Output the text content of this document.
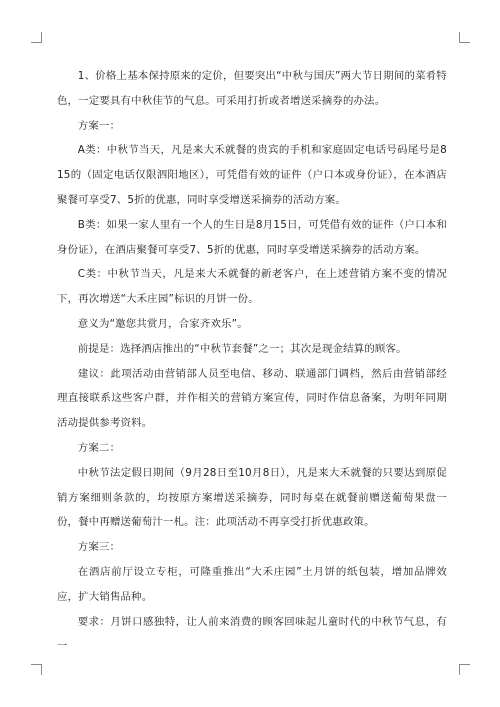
1、价格上基本保持原来的定价，但要突出“中秋与国庆”两大节日期间的菜肴特色，一定要具有中秋佳节的气息。可采用打折或者增送采摘券的办法。

方案一：

A类：中秋节当天，凡是来大禾就餐的贵宾的手机和家庭固定电话号码尾号是815的（固定电话仅限泗阳地区），可凭借有效的证件（户口本或身份证），在本酒店聚餐可享受7、5折的优惠，同时享受增送采摘券的活动方案。

B类：如果一家人里有一个人的生日是8月15日，可凭借有效的证件（户口本和身份证），在酒店聚餐可享受7、5折的优惠，同时享受增送采摘券的活动方案。

C类：中秋节当天，凡是来大禾就餐的新老客户，在上述营销方案不变的情况下，再次增送“大禾庄园”标识的月饼一份。

意义为“邀您共赏月，合家齐欢乐”。

前提是：选择酒店推出的“中秋节套餐”之一；其次是现金结算的顾客。

建议：此项活动由营销部人员至电信、移动、联通部门调档，然后由营销部经理直接联系这些客户群，并作相关的营销方案宣传，同时作信息备案，为明年同期活动提供参考资料。

方案二：

中秋节法定假日期间（9月28日至10月8日），凡是来大禾就餐的只要达到原促销方案细则条款的，均按原方案增送采摘券，同时每桌在就餐前赠送葡萄果盘一份，餐中再赠送葡萄汁一札。注：此项活动不再享受打折优惠政策。

方案三：

在酒店前厅设立专柜，可隆重推出“大禾庄园”土月饼的纸包装，增加品牌效应，扩大销售品种。

要求：月饼口感独特，让人前来消费的顾客回味起儿童时代的中秋节气息，有一
